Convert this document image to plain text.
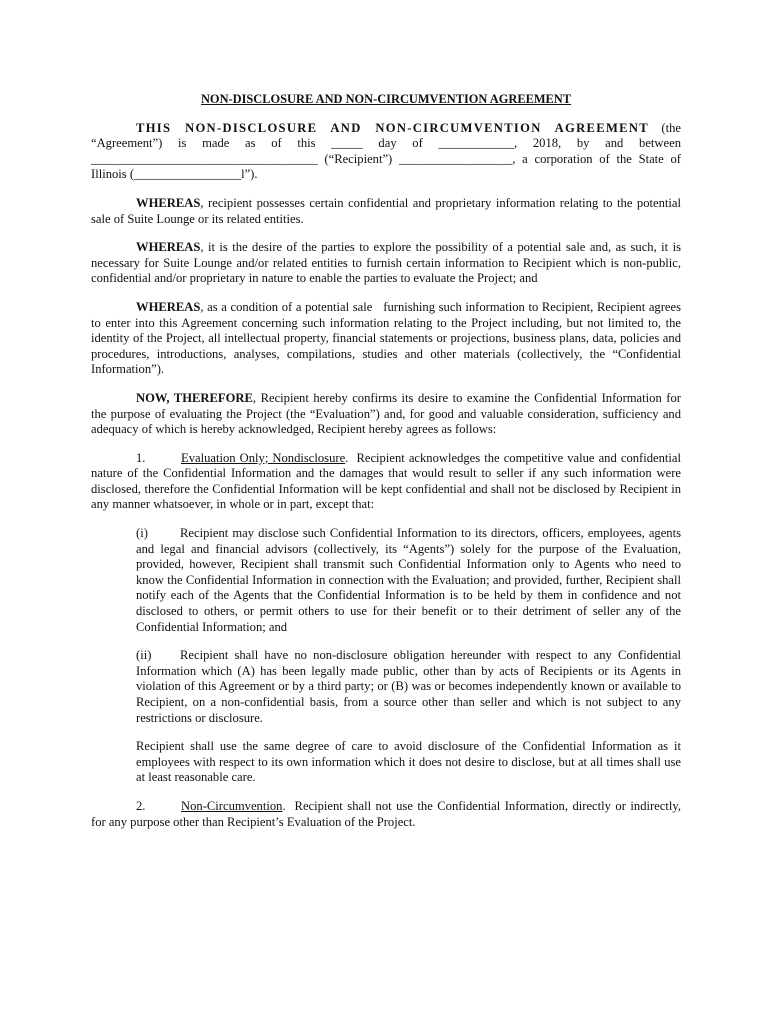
NON-DISCLOSURE AND NON-CIRCUMVENTION AGREEMENT

THIS NON-DISCLOSURE AND NON-CIRCUMVENTION AGREEMENT (the “Agreement”) is made as of this _____ day of ____________, 2018, by and between ____________________________________ (“Recipient”) __________________, a corporation of the State of Illinois (_________________l”).

WHEREAS, recipient possesses certain confidential and proprietary information relating to the potential sale of Suite Lounge or its related entities.

WHEREAS, it is the desire of the parties to explore the possibility of a potential sale and, as such, it is necessary for Suite Lounge and/or related entities to furnish certain information to Recipient which is non-public, confidential and/or proprietary in nature to enable the parties to evaluate the Project; and

WHEREAS, as a condition of a potential sale   furnishing such information to Recipient, Recipient agrees to enter into this Agreement concerning such information relating to the Project including, but not limited to, the identity of the Project, all intellectual property, financial statements or projections, business plans, data, policies and procedures, introductions, analyses, compilations, studies and other materials (collectively, the “Confidential Information”).

NOW, THEREFORE, Recipient hereby confirms its desire to examine the Confidential Information for the purpose of evaluating the Project (the “Evaluation”) and, for good and valuable consideration, sufficiency and adequacy of which is hereby acknowledged, Recipient hereby agrees as follows:

1.	Evaluation Only; Nondisclosure.  Recipient acknowledges the competitive value and confidential nature of the Confidential Information and the damages that would result to seller if any such information were disclosed, therefore the Confidential Information will be kept confidential and shall not be disclosed by Recipient in any manner whatsoever, in whole or in part, except that:

(i)	Recipient may disclose such Confidential Information to its directors, officers, employees, agents and legal and financial advisors (collectively, its “Agents”) solely for the purpose of the Evaluation, provided, however, Recipient shall transmit such Confidential Information only to Agents who need to know the Confidential Information in connection with the Evaluation; and provided, further, Recipient shall notify each of the Agents that the Confidential Information is to be held by them in confidence and not disclosed to others, or permit others to use for their benefit or to their detriment of seller any of the Confidential Information; and

(ii) Recipient shall have no non-disclosure obligation hereunder with respect to any Confidential Information which (A) has been legally made public, other than by acts of Recipients or its Agents in violation of this Agreement or by a third party; or (B) was or becomes independently known or available to Recipient, on a non-confidential basis, from a source other than seller and which is not subject to any restrictions or disclosure.

Recipient shall use the same degree of care to avoid disclosure of the Confidential Information as it employees with respect to its own information which it does not desire to disclose, but at all times shall use at least reasonable care.

2.	Non-Circumvention.  Recipient shall not use the Confidential Information, directly or indirectly, for any purpose other than Recipient’s Evaluation of the Project.
